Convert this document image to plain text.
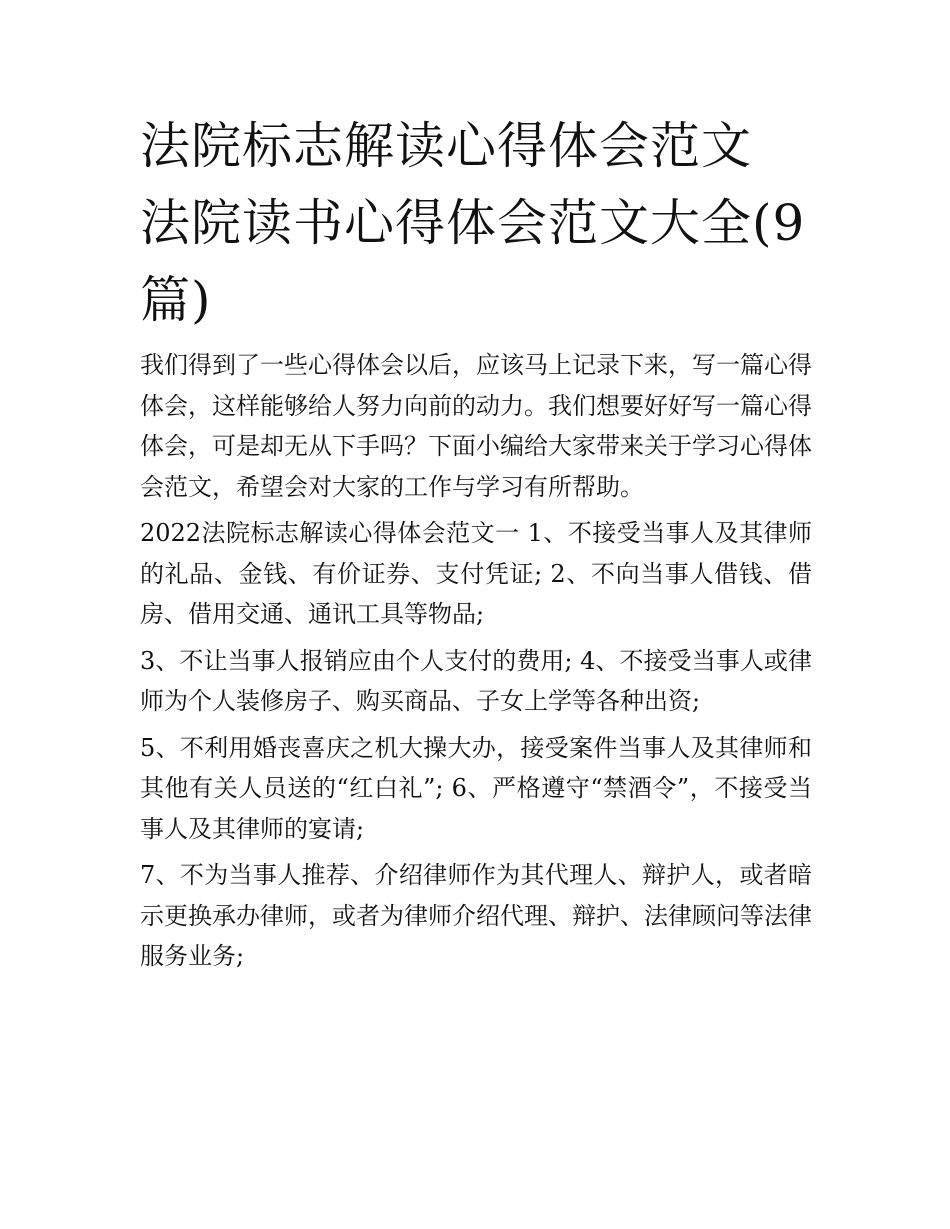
法院标志解读心得体会范文 法院读书心得体会范文大全(9篇)

我们得到了一些心得体会以后，应该马上记录下来，写一篇心得体会，这样能够给人努力向前的动力。我们想要好好写一篇心得体会，可是却无从下手吗？下面小编给大家带来关于学习心得体会范文，希望会对大家的工作与学习有所帮助。

2022法院标志解读心得体会范文一 1、不接受当事人及其律师的礼品、金钱、有价证券、支付凭证; 2、不向当事人借钱、借房、借用交通、通讯工具等物品;

3、不让当事人报销应由个人支付的费用; 4、不接受当事人或律师为个人装修房子、购买商品、子女上学等各种出资;

5、不利用婚丧喜庆之机大操大办，接受案件当事人及其律师和其他有关人员送的“红白礼”; 6、严格遵守“禁酒令”，不接受当事人及其律师的宴请;

7、不为当事人推荐、介绍律师作为其代理人、辩护人，或者暗示更换承办律师，或者为律师介绍代理、辩护、法律顾问等法律服务业务;
